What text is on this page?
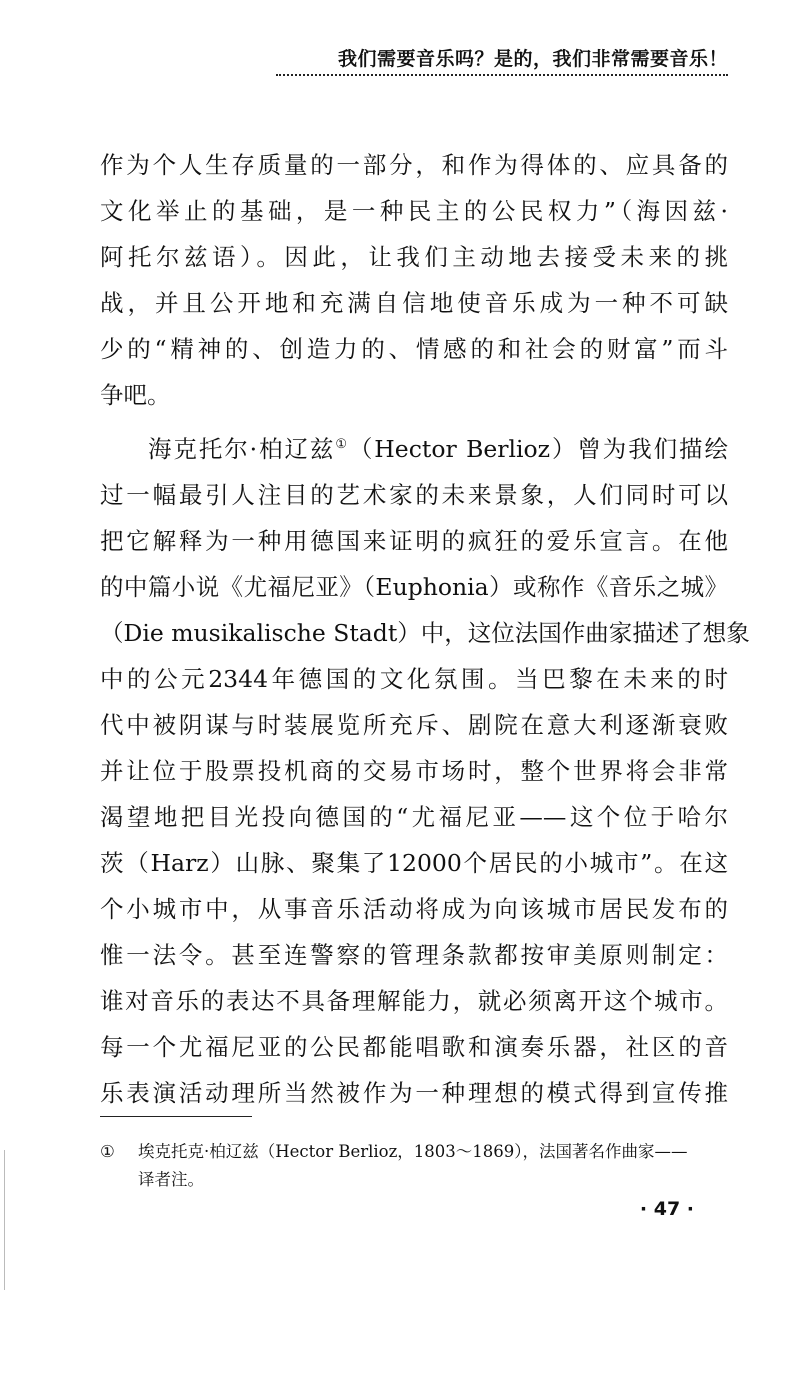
我们需要音乐吗？是的，我们非常需要音乐！
作为个人生存质量的一部分，和作为得体的、应具备的
文化举止的基础，是一种民主的公民权力”（海因兹·
阿托尔兹语）。因此，让我们主动地去接受未来的挑
战，并且公开地和充满自信地使音乐成为一种不可缺
少的“精神的、创造力的、情感的和社会的财富”而斗
争吧。
海克托尔·柏辽兹①（Hector Berlioz）曾为我们描绘
过一幅最引人注目的艺术家的未来景象，人们同时可以
把它解释为一种用德国来证明的疯狂的爱乐宣言。在他
的中篇小说《尤福尼亚》（Euphonia）或称作《音乐之城》
（Die musikalische Stadt）中，这位法国作曲家描述了想象
中的公元2344年德国的文化氛围。当巴黎在未来的时
代中被阴谋与时装展览所充斥、剧院在意大利逐渐衰败
并让位于股票投机商的交易市场时，整个世界将会非常
渴望地把目光投向德国的“尤福尼亚——这个位于哈尔
茨（Harz）山脉、聚集了12000个居民的小城市”。在这
个小城市中，从事音乐活动将成为向该城市居民发布的
惟一法令。甚至连警察的管理条款都按审美原则制定：
谁对音乐的表达不具备理解能力，就必须离开这个城市。
每一个尤福尼亚的公民都能唱歌和演奏乐器，社区的音
乐表演活动理所当然被作为一种理想的模式得到宣传推
①	埃克托克·柏辽兹（Hector Berlioz，1803～1869），法国著名作曲家——
译者注。
· 47 ·
